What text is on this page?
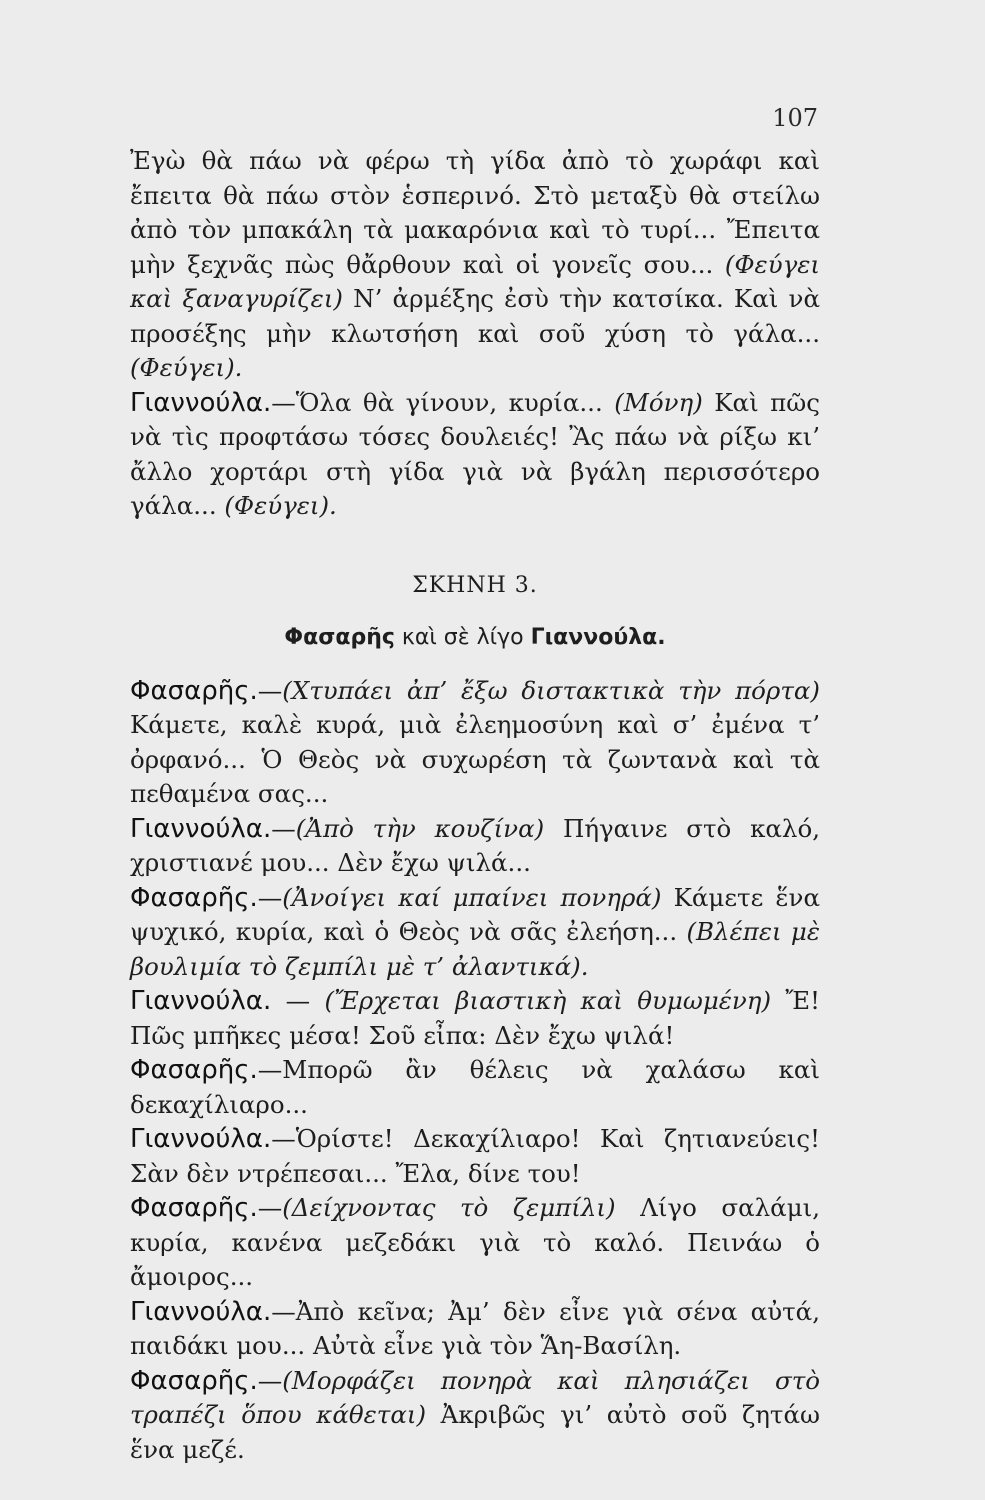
107

Ἐγὼ θὰ πάω νὰ φέρω τὴ γίδα ἀπὸ τὸ χωράφι καὶ ἔπειτα θὰ πάω στὸν ἑσπερινό. Στὸ μεταξὺ θὰ στείλω ἀπὸ τὸν μπακάλη τὰ μακαρόνια καὶ τὸ τυρί... Ἔπειτα μὴν ξεχνᾶς πὼς θἄρθουν καὶ οἱ γονεῖς σου... (Φεύγει καὶ ξαναγυρίζει) Ν’ ἀρμέξης ἐσὺ τὴν κατσίκα. Καὶ νὰ προσέξης μὴν κλωτσήση καὶ σοῦ χύση τὸ γάλα... (Φεύγει).

Γιαννούλα.—Ὅλα θὰ γίνουν, κυρία... (Μόνη) Καὶ πῶς νὰ τὶς προφτάσω τόσες δουλειές! Ἂς πάω νὰ ρίξω κι’ ἄλλο χορτάρι στὴ γίδα γιὰ νὰ βγάλη περισσότερο γάλα... (Φεύγει).

ΣΚΗΝΗ 3.
Φασαρῆς καὶ σὲ λίγο Γιαννούλα.

Φασαρῆς.—(Χτυπάει ἀπ’ ἔξω διστακτικὰ τὴν πόρτα) Κάμετε, καλὲ κυρά, μιὰ ἐλεημοσύνη καὶ σ’ ἐμένα τ’ ὀρφανό... Ὁ Θεὸς νὰ συχωρέση τὰ ζωντανὰ καὶ τὰ πεθαμένα σας...

Γιαννούλα.—(Ἀπὸ τὴν κουζίνα) Πήγαινε στὸ καλό, χριστιανέ μου... Δὲν ἔχω ψιλά...

Φασαρῆς.—(Ἀνοίγει καί μπαίνει πονηρά) Κάμετε ἕνα ψυχικό, κυρία, καὶ ὁ Θεὸς νὰ σᾶς ἐλεήση... (Βλέπει μὲ βουλιμία τὸ ζεμπίλι μὲ τ’ ἀλαντικά).

Γιαννούλα. — (Ἔρχεται βιαστικὴ καὶ θυμωμένη) Ἔ! Πῶς μπῆκες μέσα! Σοῦ εἶπα: Δὲν ἔχω ψιλά!

Φασαρῆς.—Μπορῶ ἂν θέλεις νὰ χαλάσω καὶ δεκαχίλιαρο...

Γιαννούλα.—Ὁρίστε! Δεκαχίλιαρο! Καὶ ζητιανεύεις! Σὰν δὲν ντρέπεσαι... Ἔλα, δίνε του!

Φασαρῆς.—(Δείχνοντας τὸ ζεμπίλι) Λίγο σαλάμι, κυρία, κανένα μεζεδάκι γιὰ τὸ καλό. Πεινάω ὁ ἄμοιρος...

Γιαννούλα.—Ἀπὸ κεῖνα; Ἀμ’ δὲν εἶνε γιὰ σένα αὐτά, παιδάκι μου... Αὐτὰ εἶνε γιὰ τὸν Ἅη-Βασίλη.

Φασαρῆς.—(Μορφάζει πονηρὰ καὶ πλησιάζει στὸ τραπέζι ὅπου κάθεται) Ἀκριβῶς γι’ αὐτὸ σοῦ ζητάω ἕνα μεζέ.
